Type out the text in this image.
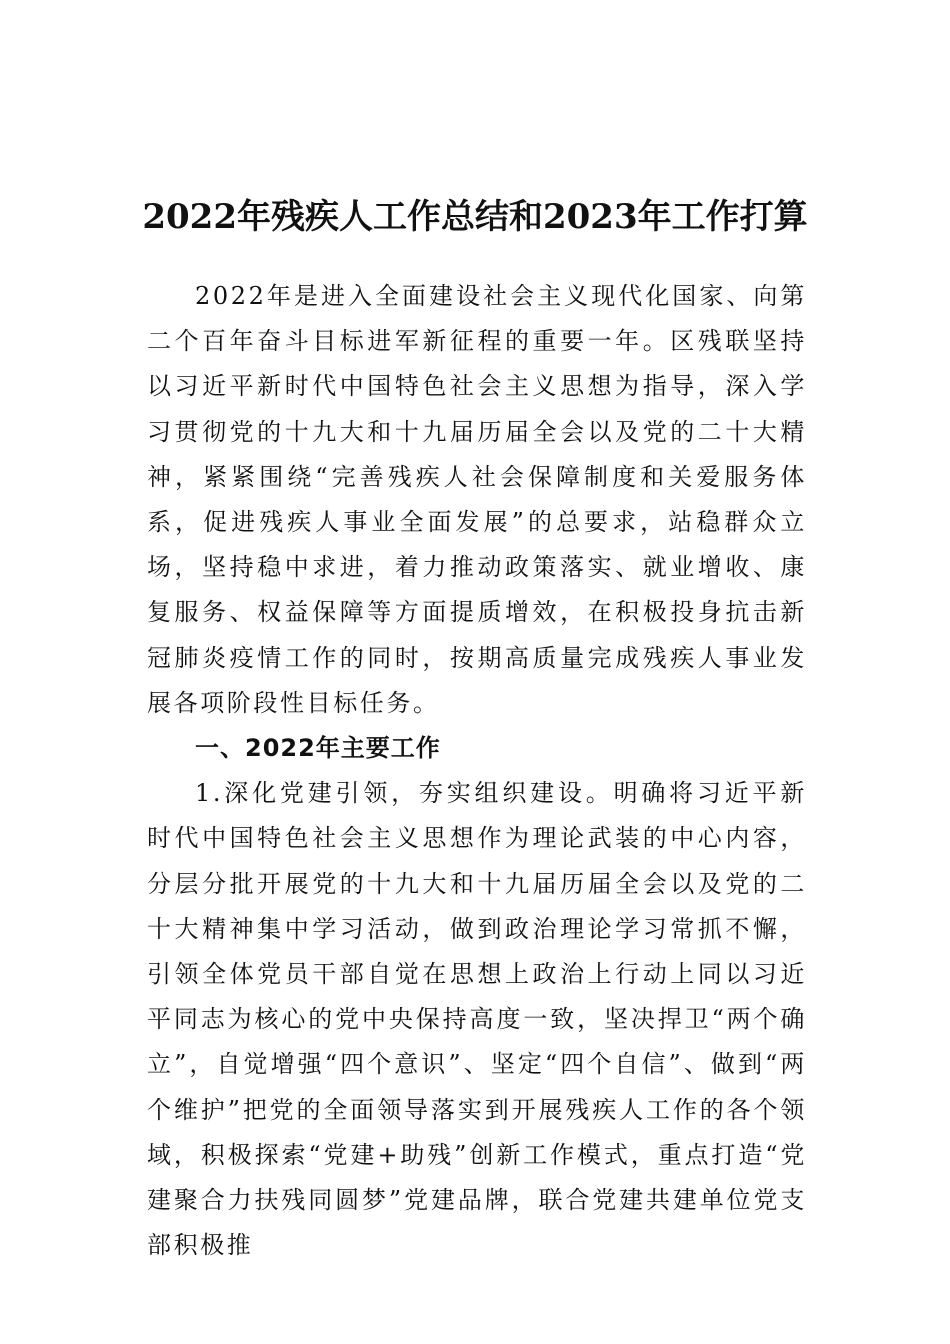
2022年残疾人工作总结和2023年工作打算

2022年是进入全面建设社会主义现代化国家、向第二个百年奋斗目标进军新征程的重要一年。区残联坚持以习近平新时代中国特色社会主义思想为指导，深入学习贯彻党的十九大和十九届历届全会以及党的二十大精神，紧紧围绕“完善残疾人社会保障制度和关爱服务体系，促进残疾人事业全面发展”的总要求，站稳群众立场，坚持稳中求进，着力推动政策落实、就业增收、康复服务、权益保障等方面提质增效，在积极投身抗击新冠肺炎疫情工作的同时，按期高质量完成残疾人事业发展各项阶段性目标任务。

一、2022年主要工作

1.深化党建引领，夯实组织建设。明确将习近平新时代中国特色社会主义思想作为理论武装的中心内容，分层分批开展党的十九大和十九届历届全会以及党的二十大精神集中学习活动，做到政治理论学习常抓不懈，引领全体党员干部自觉在思想上政治上行动上同以习近平同志为核心的党中央保持高度一致，坚决捍卫“两个确立”，自觉增强“四个意识”、坚定“四个自信”、做到“两个维护”把党的全面领导落实到开展残疾人工作的各个领域，积极探索“党建+助残”创新工作模式，重点打造“党建聚合力扶残同圆梦”党建品牌，联合党建共建单位党支部积极推
